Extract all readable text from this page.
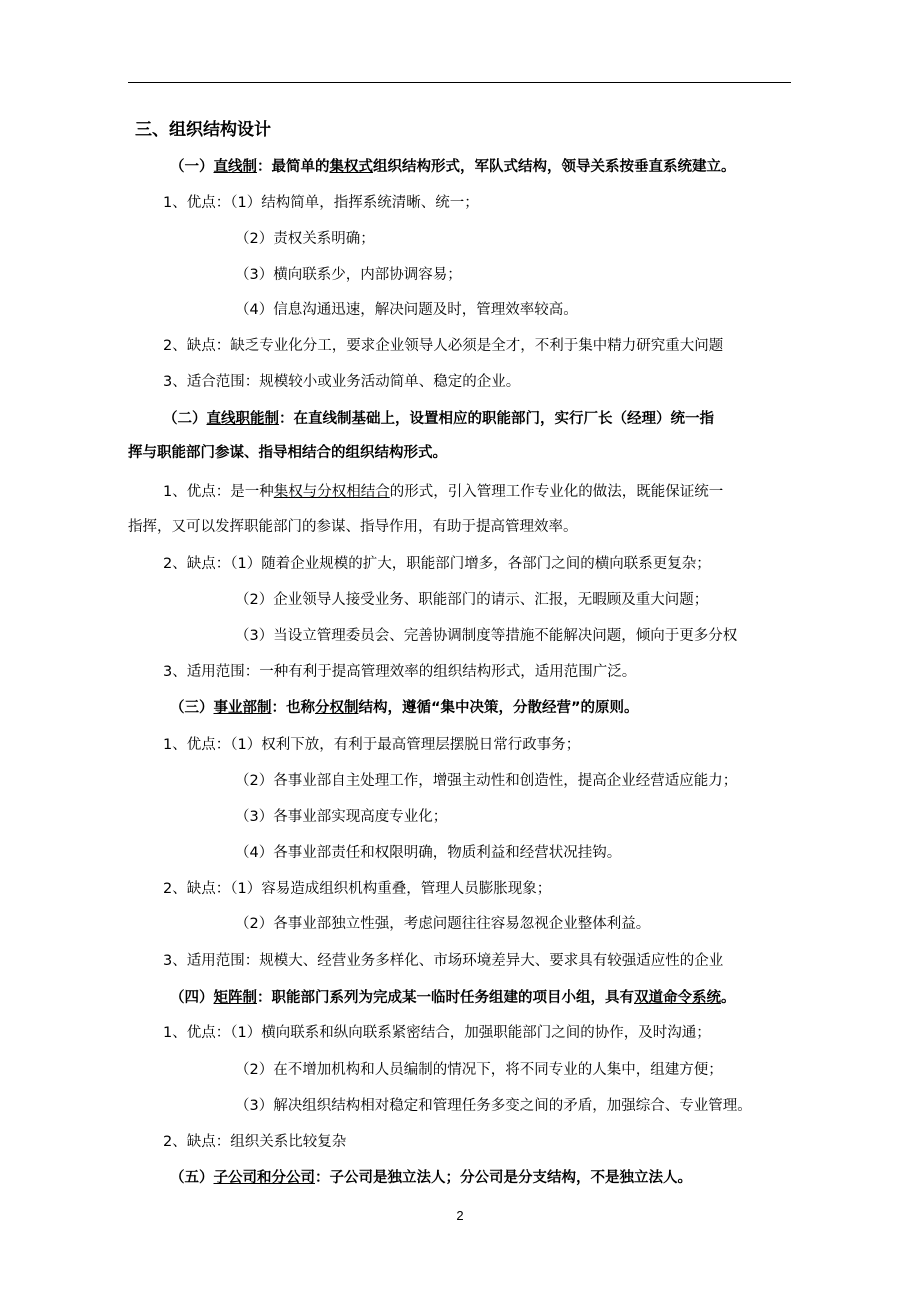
三、组织结构设计
（一）直线制：最简单的集权式组织结构形式，军队式结构，领导关系按垂直系统建立。
1、优点：（1）结构简单，指挥系统清晰、统一；
（2）责权关系明确；
（3）横向联系少，内部协调容易；
（4）信息沟通迅速，解决问题及时，管理效率较高。
2、缺点：缺乏专业化分工，要求企业领导人必须是全才，不利于集中精力研究重大问题
3、适合范围：规模较小或业务活动简单、稳定的企业。
（二）直线职能制：在直线制基础上，设置相应的职能部门，实行厂长（经理）统一指
挥与职能部门参谋、指导相结合的组织结构形式。
1、优点：是一种集权与分权相结合的形式，引入管理工作专业化的做法，既能保证统一
指挥，又可以发挥职能部门的参谋、指导作用，有助于提高管理效率。
2、缺点：（1）随着企业规模的扩大，职能部门增多，各部门之间的横向联系更复杂；
（2）企业领导人接受业务、职能部门的请示、汇报，无暇顾及重大问题；
（3）当设立管理委员会、完善协调制度等措施不能解决问题，倾向于更多分权
3、适用范围：一种有利于提高管理效率的组织结构形式，适用范围广泛。
（三）事业部制：也称分权制结构，遵循“集中决策，分散经营”的原则。
1、优点：（1）权利下放，有利于最高管理层摆脱日常行政事务；
（2）各事业部自主处理工作，增强主动性和创造性，提高企业经营适应能力；
（3）各事业部实现高度专业化；
（4）各事业部责任和权限明确，物质利益和经营状况挂钩。
2、缺点：（1）容易造成组织机构重叠，管理人员膨胀现象；
（2）各事业部独立性强，考虑问题往往容易忽视企业整体利益。
3、适用范围：规模大、经营业务多样化、市场环境差异大、要求具有较强适应性的企业
（四）矩阵制：职能部门系列为完成某一临时任务组建的项目小组，具有双道命令系统。
1、优点：（1）横向联系和纵向联系紧密结合，加强职能部门之间的协作，及时沟通；
（2）在不增加机构和人员编制的情况下，将不同专业的人集中，组建方便；
（3）解决组织结构相对稳定和管理任务多变之间的矛盾，加强综合、专业管理。
2、缺点：组织关系比较复杂
（五）子公司和分公司：子公司是独立法人；分公司是分支结构，不是独立法人。
2
